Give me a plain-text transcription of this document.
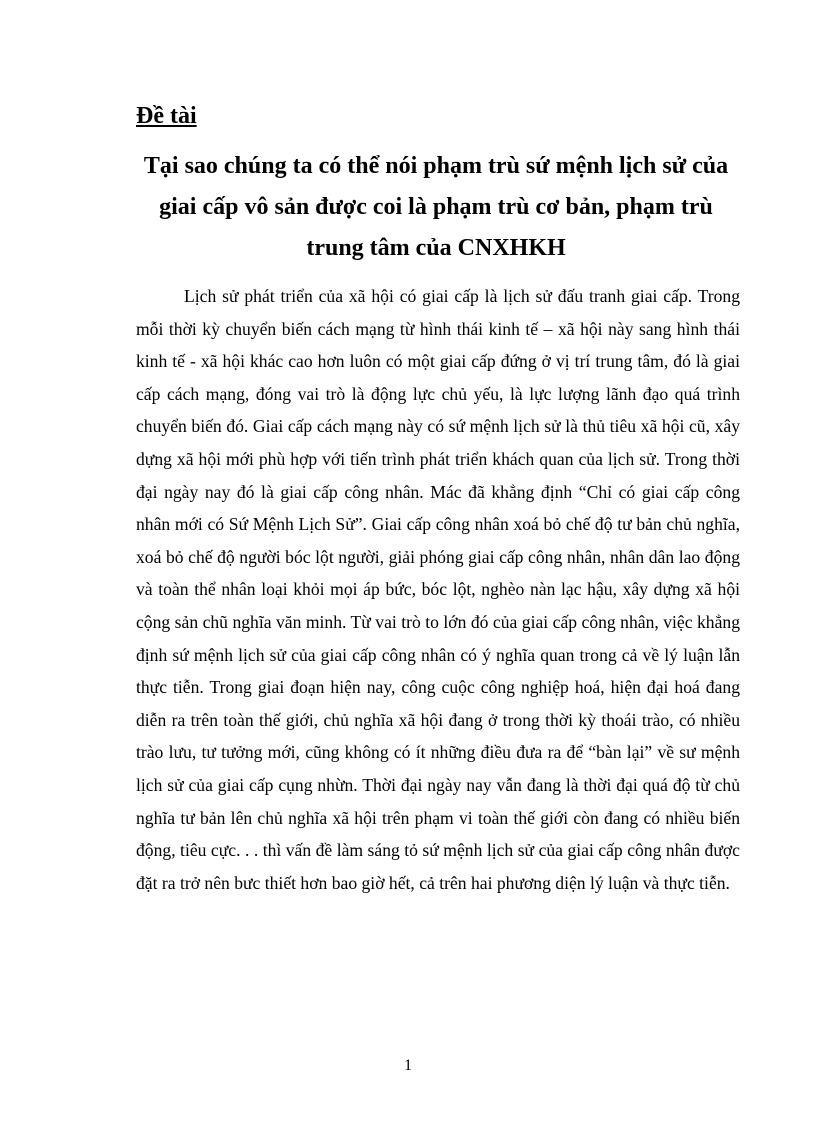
Đề tài

Tại sao chúng ta có thể nói phạm trù sứ mệnh lịch sử của giai cấp vô sản được coi là phạm trù cơ bản, phạm trù trung tâm của CNXHKH

Lịch sử phát triển của xã hội có giai cấp là lịch sử đấu tranh giai cấp. Trong mỗi thời kỳ chuyển biến cách mạng từ hình thái kinh tế – xã hội này sang hình thái kinh tế - xã hội khác cao hơn luôn có một giai cấp đứng ở vị trí trung tâm, đó là giai cấp cách mạng, đóng vai trò là động lực chủ yếu, là lực lượng lãnh đạo quá trình chuyển biến đó. Giai cấp cách mạng này có sứ mệnh lịch sử là thủ tiêu xã hội cũ, xây dựng xã hội mới phù hợp với tiến trình phát triển khách quan của lịch sử. Trong thời đại ngày nay đó là giai cấp công nhân. Mác đã khẳng định “Chỉ có giai cấp công nhân mới có Sứ Mệnh Lịch Sử”. Giai cấp công nhân xoá bỏ chế độ tư bản chủ nghĩa, xoá bỏ chế độ người bóc lột người, giải phóng giai cấp công nhân, nhân dân lao động và toàn thể nhân loại khỏi mọi áp bức, bóc lột, nghèo nàn lạc hậu, xây dựng xã hội cộng sản chũ nghĩa văn minh. Từ vai trò to lớn đó của giai cấp công nhân, việc khẳng định sứ mệnh lịch sử của giai cấp công nhân có ý nghĩa quan trong cả về lý luận lẫn thực tiễn. Trong giai đoạn hiện nay, công cuộc công nghiệp hoá, hiện đại hoá đang diễn ra trên toàn thế giới, chủ nghĩa xã hội đang ở trong thời kỳ thoái trào, có nhiều trào lưu, tư tưởng mới, cũng không có ít những điều đưa ra để “bàn lại” về sư mệnh lịch sử của giai cấp cụng nhừn. Thời đại ngày nay vẫn đang là thời đại quá độ từ chủ nghĩa tư bản lên chủ nghĩa xã hội trên phạm vi toàn thế giới còn đang có nhiều biến động, tiêu cực. . . thì vấn đề làm sáng tỏ sứ mệnh lịch sử của giai cấp công nhân được đặt ra trở nên bưc thiết hơn bao giờ hết, cả trên hai phương diện lý luận và thực tiễn.

1
